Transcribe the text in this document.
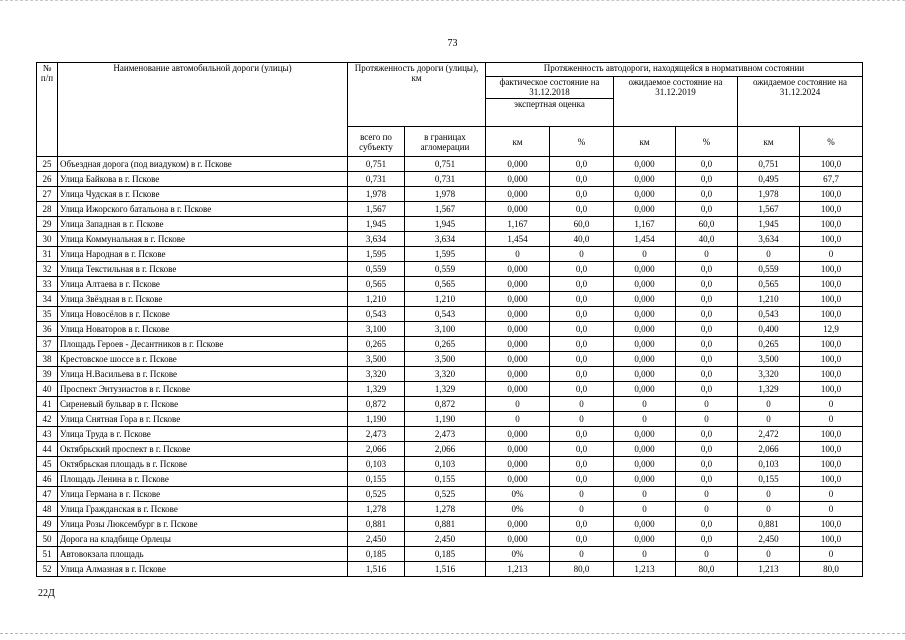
73
№ п/п	Наименование автомобильной дороги (улицы)	Протяженность дороги (улицы), км		Протяженность автодороги, находящейся в нормативном состоянии					
				фактическое состояние на 31.12.2018		ожидаемое состояние на 31.12.2019		ожидаемое состояние на 31.12.2024	
				экспертная оценка					
		всего по субъекту	в границах агломерации	км	%	км	%	км	%
25	Объездная дорога (под виадуком) в г. Пскове	0,751	0,751	0,000	0,0	0,000	0,0	0,751	100,0
26	Улица Байкова в г. Пскове	0,731	0,731	0,000	0,0	0,000	0,0	0,495	67,7
27	Улица Чудская в г. Пскове	1,978	1,978	0,000	0,0	0,000	0,0	1,978	100,0
28	Улица Ижорского батальона в г. Пскове	1,567	1,567	0,000	0,0	0,000	0,0	1,567	100,0
29	Улица Западная в г. Пскове	1,945	1,945	1,167	60,0	1,167	60,0	1,945	100,0
30	Улица Коммунальная в г. Пскове	3,634	3,634	1,454	40,0	1,454	40,0	3,634	100,0
31	Улица Народная в г. Пскове	1,595	1,595	0	0	0	0	0	0
32	Улица Текстильная в г. Пскове	0,559	0,559	0,000	0,0	0,000	0,0	0,559	100,0
33	Улица Алтаева в г. Пскове	0,565	0,565	0,000	0,0	0,000	0,0	0,565	100,0
34	Улица Звёздная в г. Пскове	1,210	1,210	0,000	0,0	0,000	0,0	1,210	100,0
35	Улица Новосёлов в г. Пскове	0,543	0,543	0,000	0,0	0,000	0,0	0,543	100,0
36	Улица Новаторов в г. Пскове	3,100	3,100	0,000	0,0	0,000	0,0	0,400	12,9
37	Площадь Героев - Десантников в г. Пскове	0,265	0,265	0,000	0,0	0,000	0,0	0,265	100,0
38	Крестовское шоссе в г. Пскове	3,500	3,500	0,000	0,0	0,000	0,0	3,500	100,0
39	Улица Н.Васильева в г. Пскове	3,320	3,320	0,000	0,0	0,000	0,0	3,320	100,0
40	Проспект Энтузиастов в г. Пскове	1,329	1,329	0,000	0,0	0,000	0,0	1,329	100,0
41	Сиреневый бульвар в г. Пскове	0,872	0,872	0	0	0	0	0	0
42	Улица Снятная Гора в г. Пскове	1,190	1,190	0	0	0	0	0	0
43	Улица Труда в г. Пскове	2,473	2,473	0,000	0,0	0,000	0,0	2,472	100,0
44	Октябрьский проспект в г. Пскове	2,066	2,066	0,000	0,0	0,000	0,0	2,066	100,0
45	Октябрьская площадь в г. Пскове	0,103	0,103	0,000	0,0	0,000	0,0	0,103	100,0
46	Площадь Ленина в г. Пскове	0,155	0,155	0,000	0,0	0,000	0,0	0,155	100,0
47	Улица Германа в г. Пскове	0,525	0,525	0%	0	0	0	0	0
48	Улица Гражданская в г. Пскове	1,278	1,278	0%	0	0	0	0	0
49	Улица Розы Люксембург в г. Пскове	0,881	0,881	0,000	0,0	0,000	0,0	0,881	100,0
50	Дорога на кладбище Орлецы	2,450	2,450	0,000	0,0	0,000	0,0	2,450	100,0
51	Автовокзала площадь	0,185	0,185	0%	0	0	0	0	0
52	Улица Алмазная в г. Пскове	1,516	1,516	1,213	80,0	1,213	80,0	1,213	80,0
22Д
